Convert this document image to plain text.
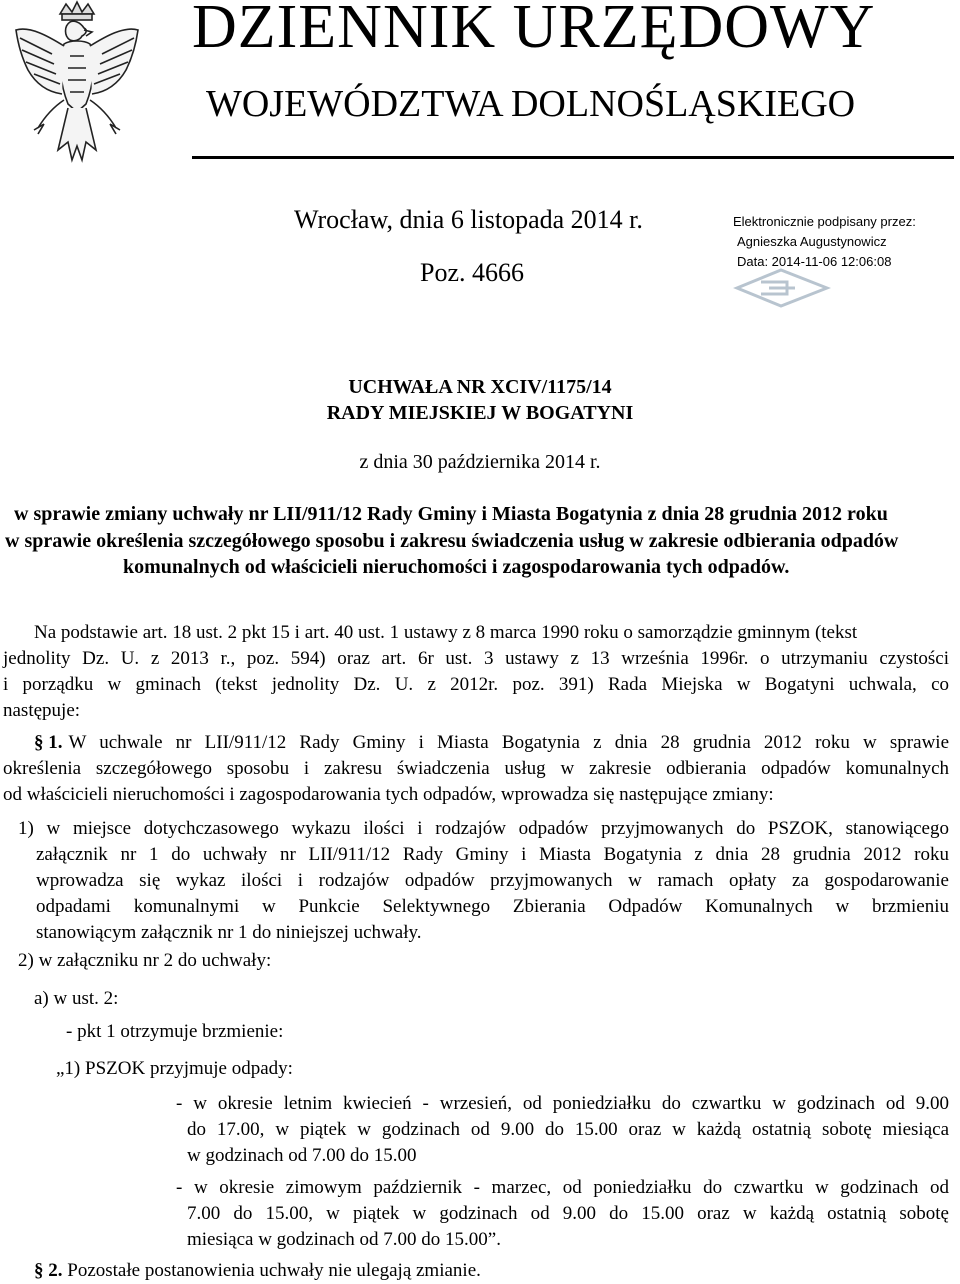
DZIENNIK URZĘDOWY
WOJEWÓDZTWA DOLNOŚLĄSKIEGO
Wrocław, dnia 6 listopada 2014 r.
Poz. 4666
Elektronicznie podpisany przez:
Agnieszka Augustynowicz
Data: 2014-11-06 12:06:08
UCHWAŁA NR XCIV/1175/14
RADY MIEJSKIEJ W BOGATYNI
z dnia 30 października 2014 r.
w sprawie zmiany uchwały nr LII/911/12 Rady Gminy i Miasta Bogatynia z dnia 28 grudnia 2012 roku
w sprawie określenia szczegółowego sposobu i zakresu świadczenia usług w zakresie odbierania odpadów
komunalnych od właścicieli nieruchomości i zagospodarowania tych odpadów.
Na podstawie art. 18 ust. 2 pkt 15 i art. 40 ust. 1 ustawy z 8 marca 1990 roku o samorządzie gminnym (tekst
jednolity Dz. U. z 2013 r., poz. 594) oraz art. 6r ust. 3 ustawy z 13 września 1996r. o utrzymaniu czystości
i porządku w gminach (tekst jednolity Dz. U. z 2012r. poz. 391) Rada Miejska w Bogatyni uchwala, co
następuje:
§ 1. W uchwale nr LII/911/12 Rady Gminy i Miasta Bogatynia z dnia 28 grudnia 2012 roku w sprawie
określenia szczegółowego sposobu i zakresu świadczenia usług w zakresie odbierania odpadów komunalnych
od właścicieli nieruchomości i zagospodarowania tych odpadów, wprowadza się następujące zmiany:
1) w miejsce dotychczasowego wykazu ilości i rodzajów odpadów przyjmowanych do PSZOK, stanowiącego
załącznik nr 1 do uchwały nr LII/911/12 Rady Gminy i Miasta Bogatynia z dnia 28 grudnia 2012 roku
wprowadza się wykaz ilości i rodzajów odpadów przyjmowanych w ramach opłaty za gospodarowanie
odpadami komunalnymi w Punkcie Selektywnego Zbierania Odpadów Komunalnych w brzmieniu
stanowiącym załącznik nr 1 do niniejszej uchwały.
2) w załączniku nr 2 do uchwały:
a) w ust. 2:
- pkt 1 otrzymuje brzmienie:
„1) PSZOK przyjmuje odpady:
- w okresie letnim kwiecień - wrzesień, od poniedziałku do czwartku w godzinach od 9.00
do 17.00, w piątek w godzinach od 9.00 do 15.00 oraz w każdą ostatnią sobotę miesiąca
w godzinach od 7.00 do 15.00
- w okresie zimowym październik - marzec, od poniedziałku do czwartku w godzinach od
7.00 do 15.00, w piątek w godzinach od 9.00 do 15.00 oraz w każdą ostatnią sobotę
miesiąca w godzinach od 7.00 do 15.00”.
§ 2. Pozostałe postanowienia uchwały nie ulegają zmianie.
